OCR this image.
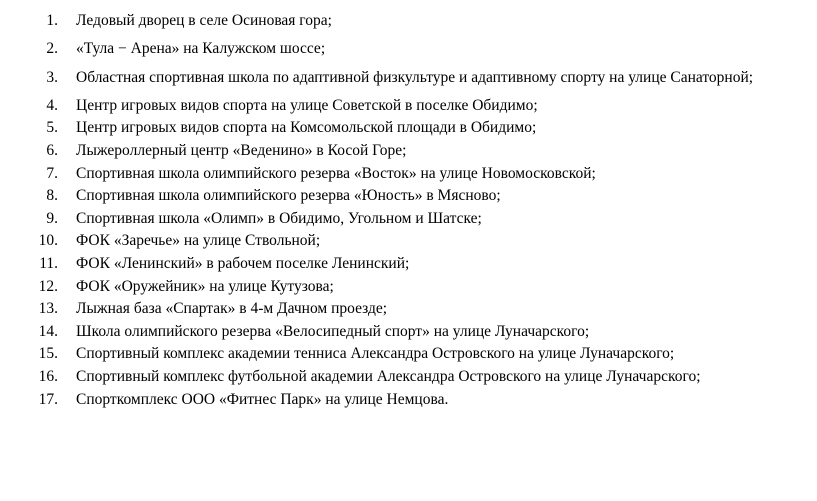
1. Ледовый дворец в селе Осиновая гора;
2. «Тула − Арена» на Калужском шоссе;
3. Областная спортивная школа по адаптивной физкультуре и адаптивному спорту на улице Санаторной;
4. Центр игровых видов спорта на улице Советской в поселке Обидимо;
5. Центр игровых видов спорта на Комсомольской площади в Обидимо;
6. Лыжероллерный центр «Веденино» в Косой Горе;
7. Спортивная школа олимпийского резерва «Восток» на улице Новомосковской;
8. Спортивная школа олимпийского резерва «Юность» в Мясново;
9. Спортивная школа «Олимп» в Обидимо, Угольном и Шатске;
10. ФОК «Заречье» на улице Ствольной;
11. ФОК «Ленинский» в рабочем поселке Ленинский;
12. ФОК «Оружейник» на улице Кутузова;
13. Лыжная база «Спартак» в 4-м Дачном проезде;
14. Школа олимпийского резерва «Велосипедный спорт» на улице Луначарского;
15. Спортивный комплекс академии тенниса Александра Островского на улице Луначарского;
16. Спортивный комплекс футбольной академии Александра Островского на улице Луначарского;
17. Спорткомплекс ООО «Фитнес Парк» на улице Немцова.
